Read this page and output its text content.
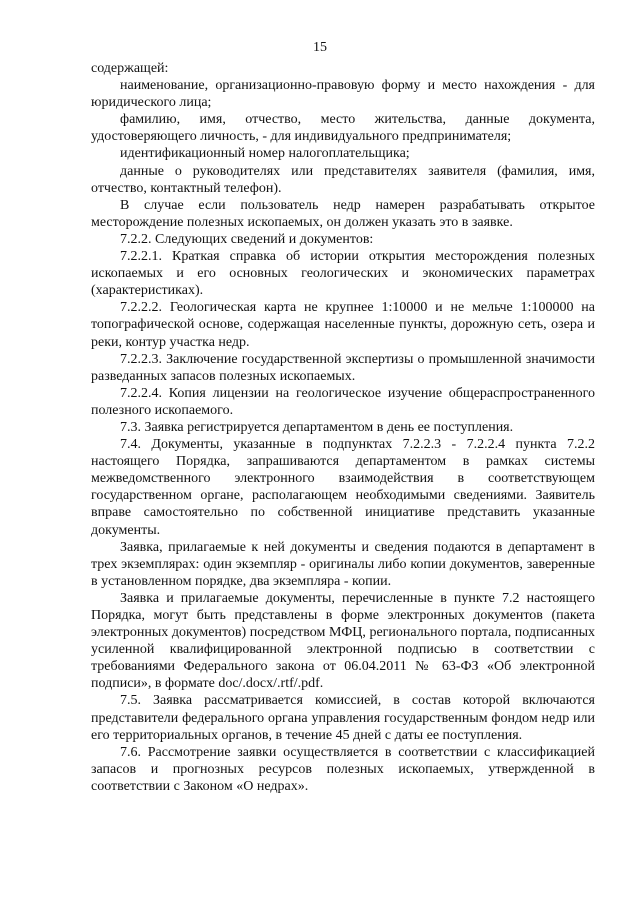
15

содержащей:

наименование, организационно-правовую форму и место нахождения - для юридического лица;

фамилию, имя, отчество, место жительства, данные документа, удостоверяющего личность, - для индивидуального предпринимателя;

идентификационный номер налогоплательщика;

данные о руководителях или представителях заявителя (фамилия, имя, отчество, контактный телефон).

В случае если пользователь недр намерен разрабатывать открытое месторождение полезных ископаемых, он должен указать это в заявке.

7.2.2. Следующих сведений и документов:

7.2.2.1. Краткая справка об истории открытия месторождения полезных ископаемых и его основных геологических и экономических параметрах (характеристиках).

7.2.2.2. Геологическая карта не крупнее 1:10000 и не мельче 1:100000 на топографической основе, содержащая населенные пункты, дорожную сеть, озера и реки, контур участка недр.

7.2.2.3. Заключение государственной экспертизы о промышленной значимости разведанных запасов полезных ископаемых.

7.2.2.4. Копия лицензии на геологическое изучение общераспространенного полезного ископаемого.

7.3. Заявка регистрируется департаментом в день ее поступления.

7.4. Документы, указанные в подпунктах 7.2.2.3 - 7.2.2.4 пункта 7.2.2 настоящего Порядка, запрашиваются департаментом в рамках системы межведомственного электронного взаимодействия в соответствующем государственном органе, располагающем необходимыми сведениями. Заявитель вправе самостоятельно по собственной инициативе представить указанные документы.

Заявка, прилагаемые к ней документы и сведения подаются в департамент в трех экземплярах: один экземпляр - оригиналы либо копии документов, заверенные в установленном порядке, два экземпляра - копии.

Заявка и прилагаемые документы, перечисленные в пункте 7.2 настоящего Порядка, могут быть представлены в форме электронных документов (пакета электронных документов) посредством МФЦ, регионального портала, подписанных усиленной квалифицированной электронной подписью в соответствии с требованиями Федерального закона от 06.04.2011 № 63-ФЗ «Об электронной подписи», в формате doc/.docx/.rtf/.pdf.

7.5. Заявка рассматривается комиссией, в состав которой включаются представители федерального органа управления государственным фондом недр или его территориальных органов, в течение 45 дней с даты ее поступления.

7.6. Рассмотрение заявки осуществляется в соответствии с классификацией запасов и прогнозных ресурсов полезных ископаемых, утвержденной в соответствии с Законом «О недрах».
